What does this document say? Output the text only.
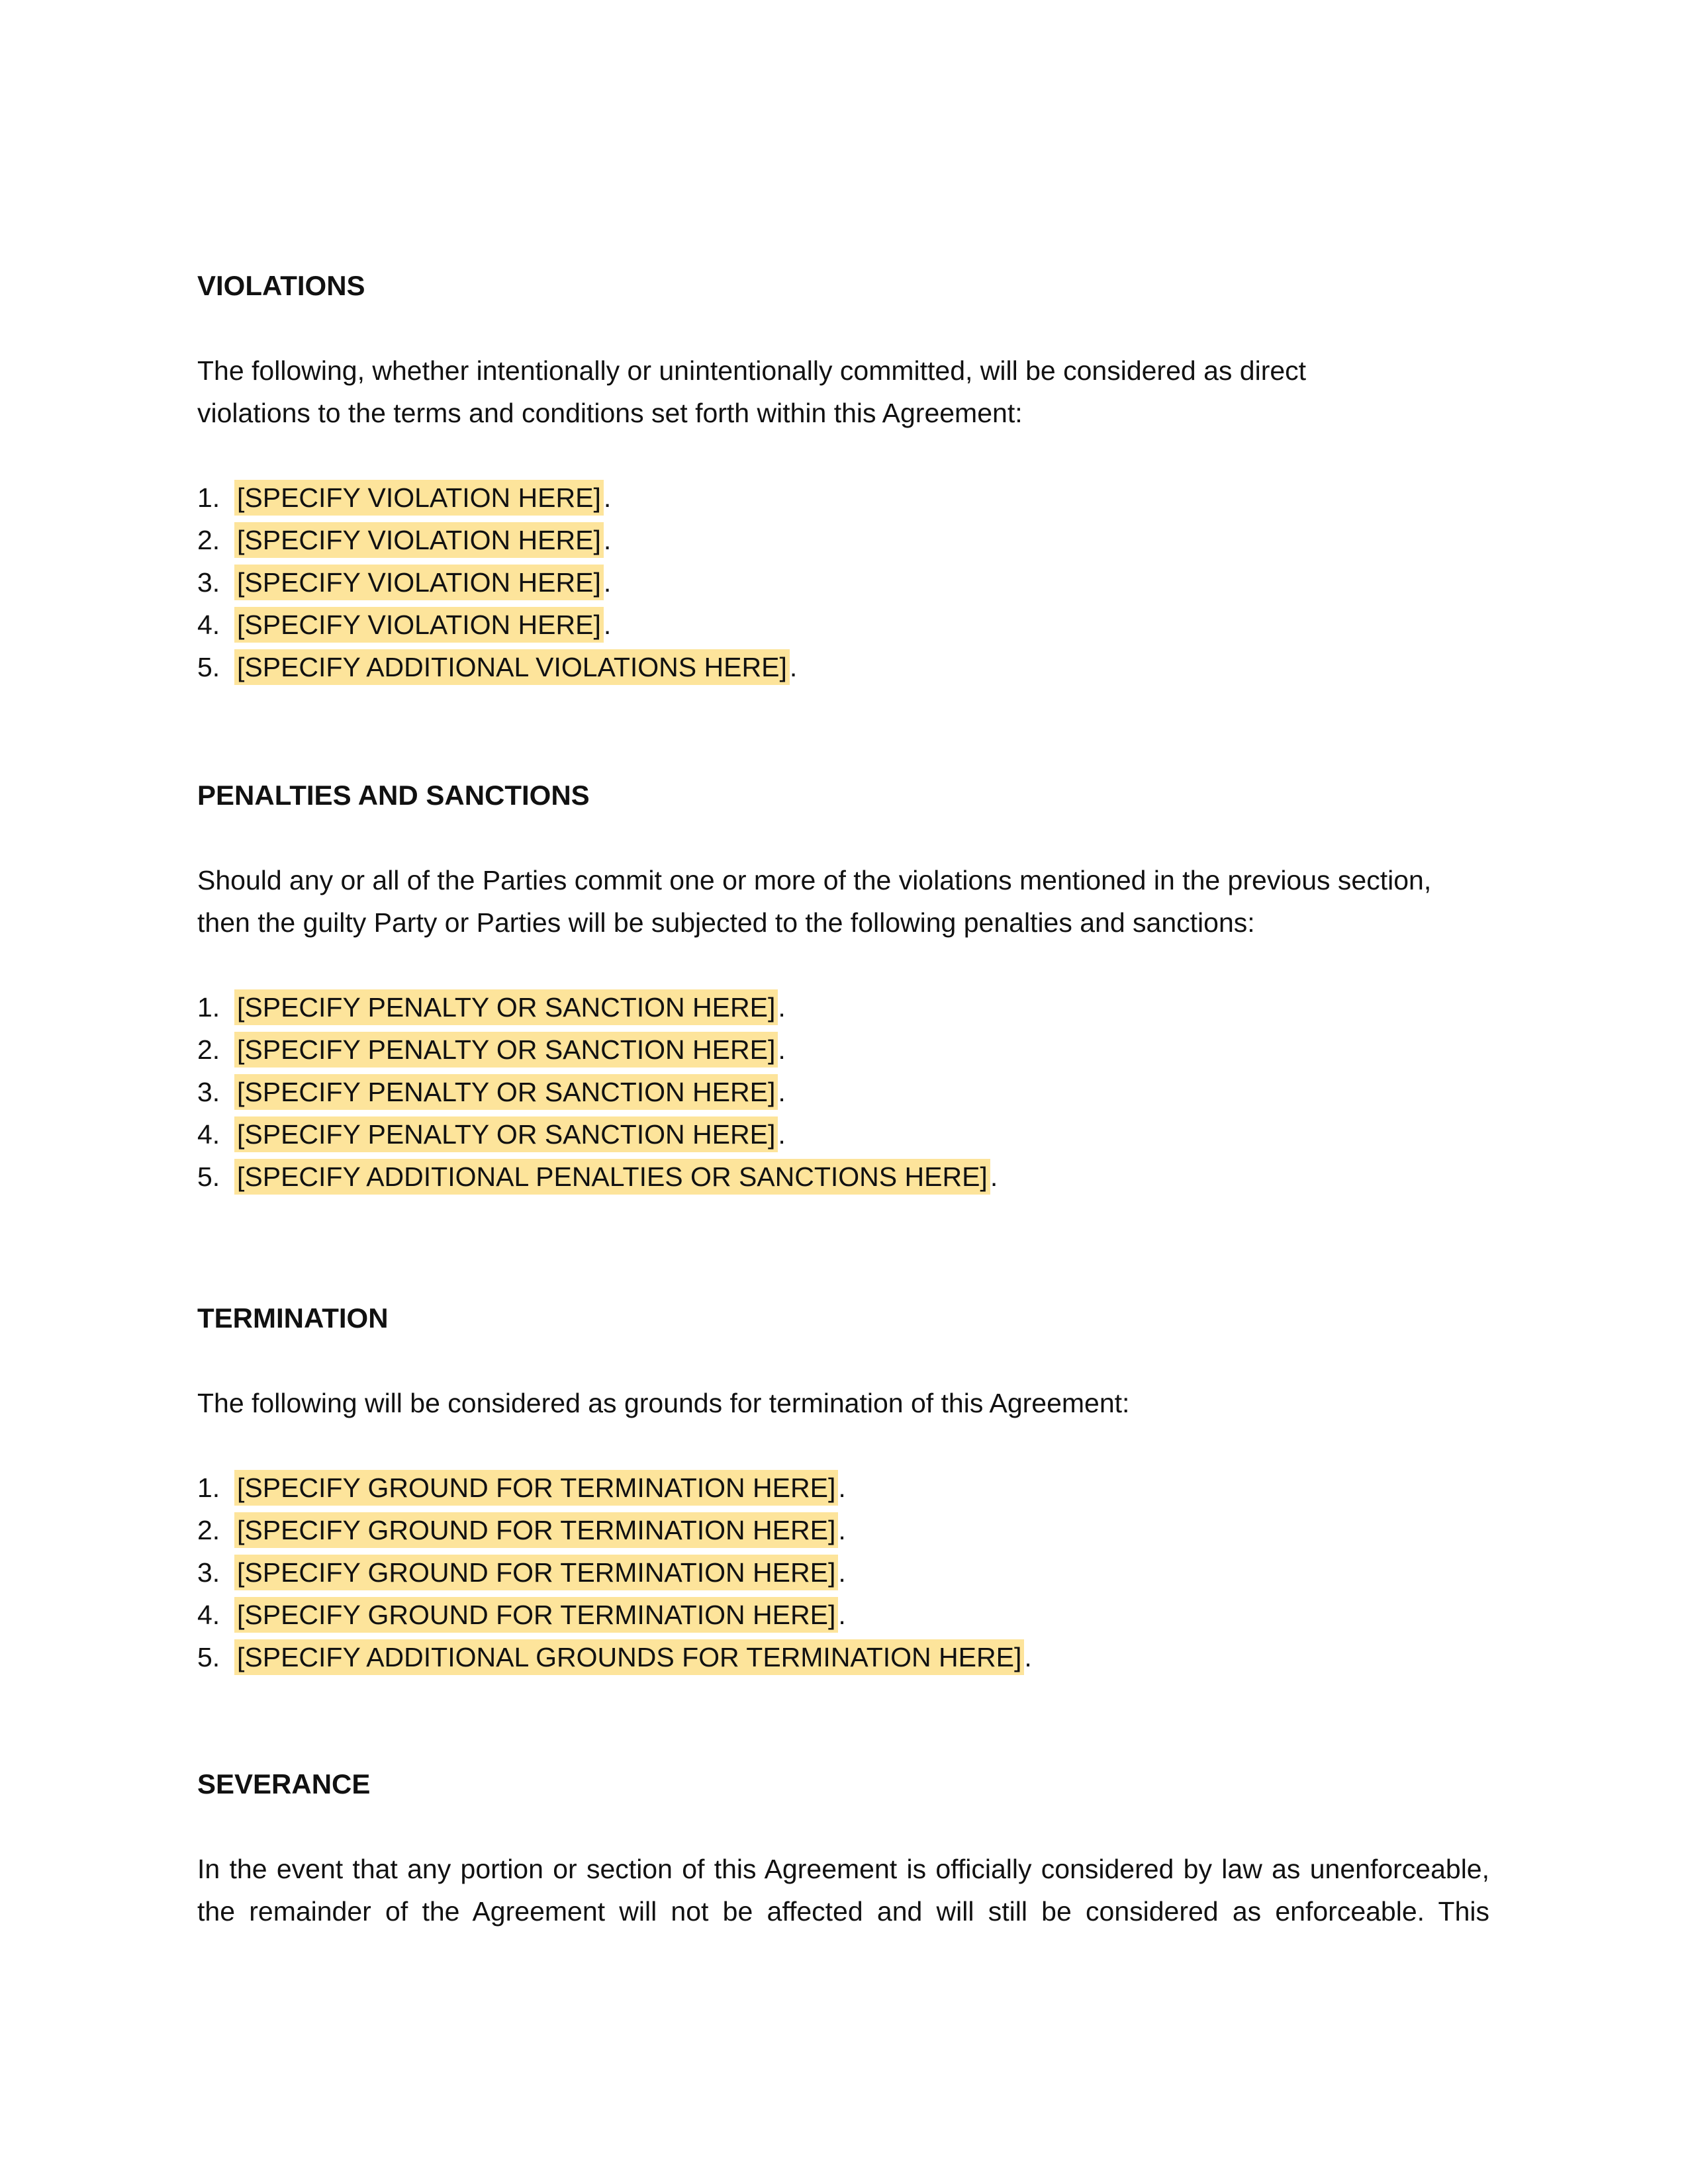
VIOLATIONS

The following, whether intentionally or unintentionally committed, will be considered as direct

violations to the terms and conditions set forth within this Agreement:

1. [SPECIFY VIOLATION HERE] .
2. [SPECIFY VIOLATION HERE] .
3. [SPECIFY VIOLATION HERE] .
4. [SPECIFY VIOLATION HERE] .
5. [SPECIFY ADDITIONAL VIOLATIONS HERE] .
PENALTIES AND SANCTIONS

Should any or all of the Parties commit one or more of the violations mentioned in the previous section,

then the guilty Party or Parties will be subjected to the following penalties and sanctions:

1. [SPECIFY PENALTY OR SANCTION HERE] .
2. [SPECIFY PENALTY OR SANCTION HERE] .
3. [SPECIFY PENALTY OR SANCTION HERE] .
4. [SPECIFY PENALTY OR SANCTION HERE] .
5. [SPECIFY ADDITIONAL PENALTIES OR SANCTIONS HERE] .
TERMINATION

The following will be considered as grounds for termination of this Agreement:

1. [SPECIFY GROUND FOR TERMINATION HERE] .
2. [SPECIFY GROUND FOR TERMINATION HERE] .
3. [SPECIFY GROUND FOR TERMINATION HERE] .
4. [SPECIFY GROUND FOR TERMINATION HERE] .
5. [SPECIFY ADDITIONAL GROUNDS FOR TERMINATION HERE] .
SEVERANCE

In the event that any portion or section of this Agreement is officially considered by law as unenforceable,

the remainder of the Agreement will not be affected and will still be considered as enforceable. This
